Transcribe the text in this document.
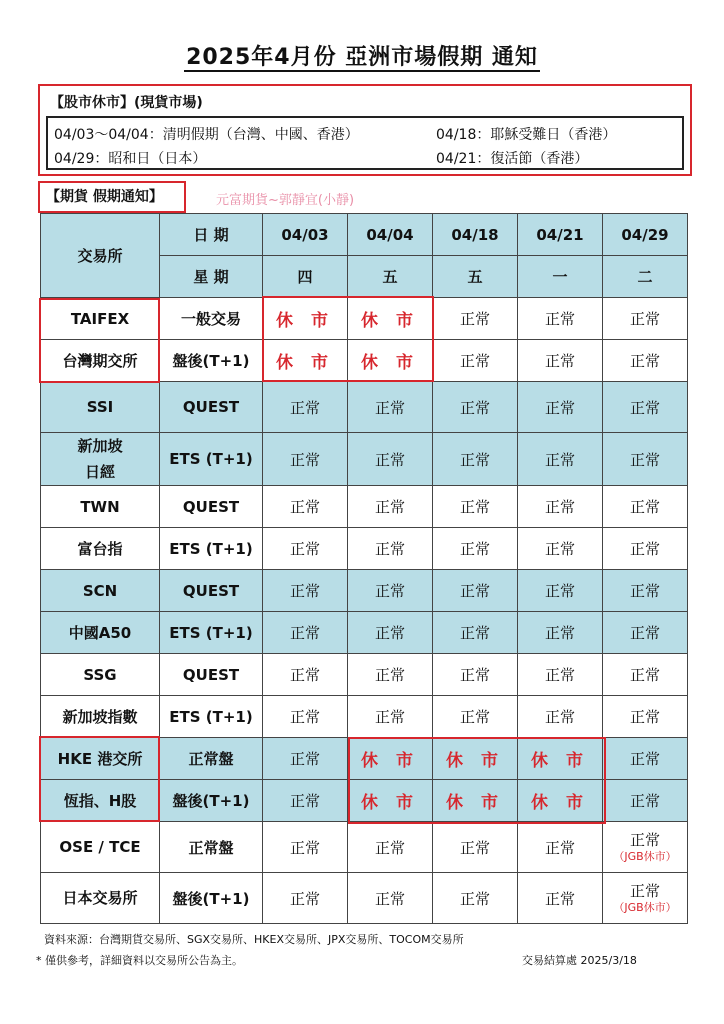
2025年4月份 亞洲市場假期 通知
【股市休市】(現貨市場)
04/03～04/04：清明假期（台灣、中國、香港）	04/18：耶穌受難日（香港）
04/29：昭和日（日本）	04/21：復活節（香港）
【期貨 假期通知】	元富期貨~郭靜宜(小靜)
交易所	日 期	04/03	04/04	04/18	04/21	04/29
	星 期	四	五	五	一	二
TAIFEX	一般交易	休 市	休 市	正常	正常	正常
台灣期交所	盤後(T+1)	休 市	休 市	正常	正常	正常
SSI	QUEST	正常	正常	正常	正常	正常

新加坡
日經	ETS (T+1)	正常	正常	正常	正常	正常
TWN	QUEST	正常	正常	正常	正常	正常
富台指	ETS (T+1)	正常	正常	正常	正常	正常
SCN	QUEST	正常	正常	正常	正常	正常
中國A50	ETS (T+1)	正常	正常	正常	正常	正常
SSG	QUEST	正常	正常	正常	正常	正常
新加坡指數	ETS (T+1)	正常	正常	正常	正常	正常
HKE 港交所	正常盤	正常	休 市	休 市	休 市	正常
恆指、H股	盤後(T+1)	正常	休 市	休 市	休 市	正常
OSE / TCE	正常盤	正常	正常	正常	正常	正常
（JGB休市）

日本交易所	盤後(T+1)	正常	正常	正常	正常	正常
（JGB休市）
資料來源：台灣期貨交易所、SGX交易所、HKEX交易所、JPX交易所、TOCOM交易所
* 僅供參考，詳細資料以交易所公告為主。	交易結算處 2025/3/18
